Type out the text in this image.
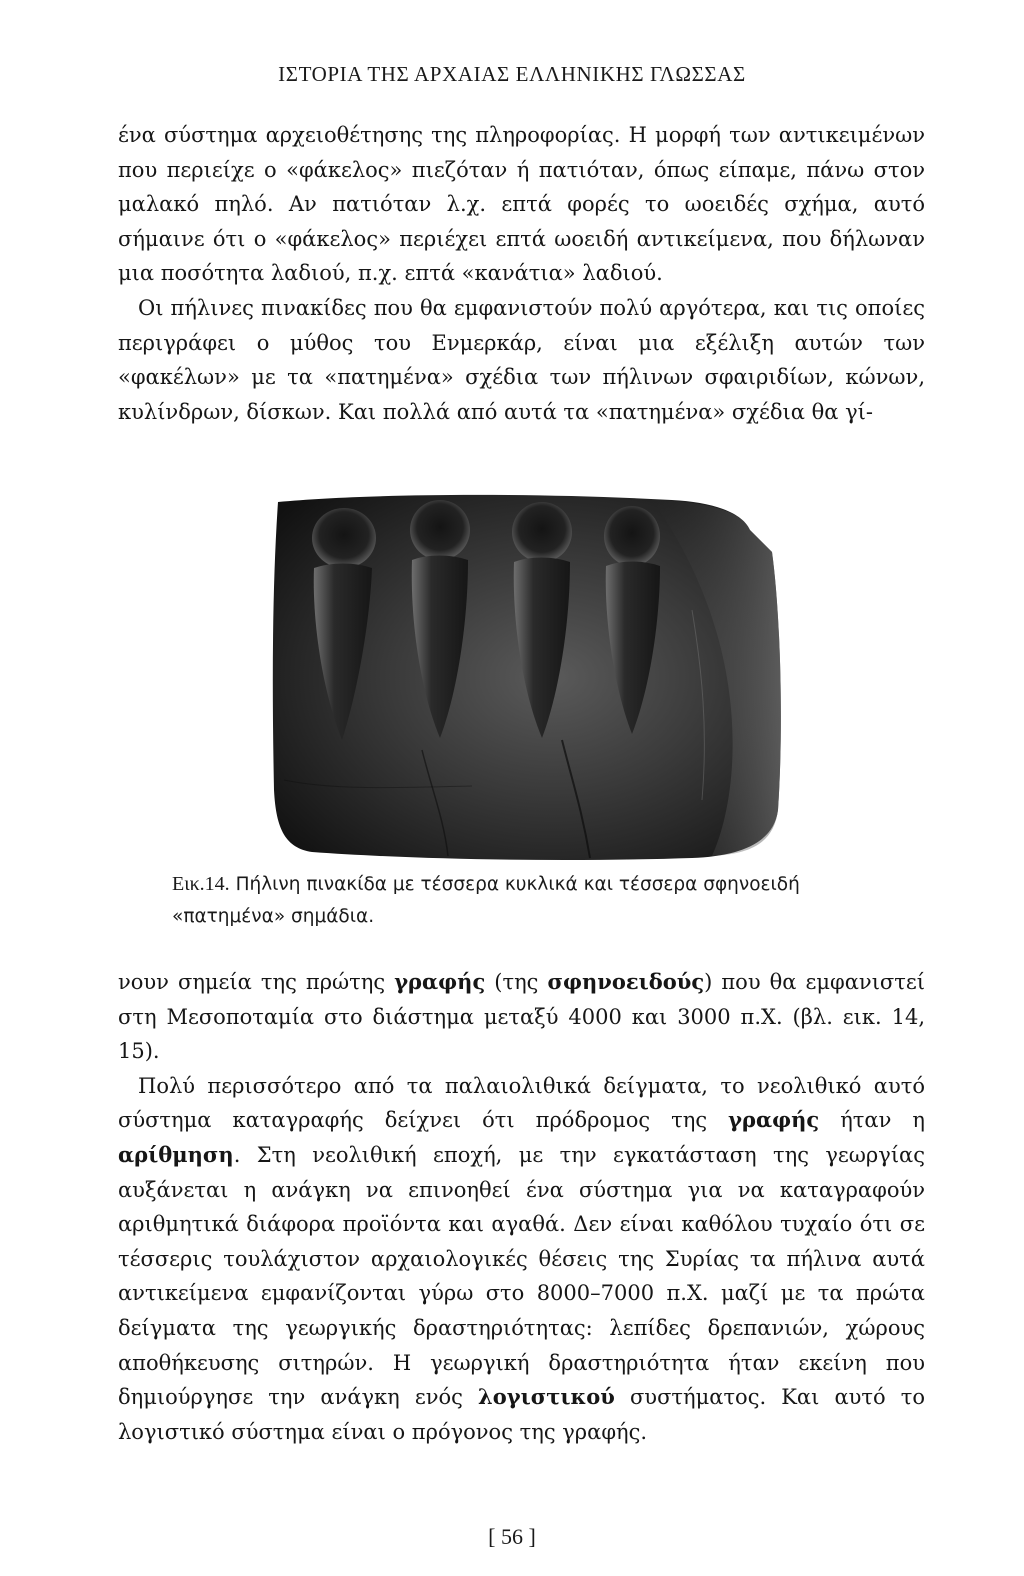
ΙΣΤΟΡΙΑ ΤΗΣ ΑΡΧΑΙΑΣ ΕΛΛΗΝΙΚΗΣ ΓΛΩΣΣΑΣ

ένα σύστημα αρχειοθέτησης της πληροφορίας. Η μορφή των αντικειμένων που περιείχε ο «φάκελος» πιεζόταν ή πατιόταν, όπως είπαμε, πάνω στον μαλακό πηλό. Αν πατιόταν λ.χ. επτά φορές το ωοειδές σχήμα, αυτό σήμαινε ότι ο «φάκελος» περιέχει επτά ωοειδή αντικείμενα, που δήλωναν μια ποσότητα λαδιού, π.χ. επτά «κανάτια» λαδιού.

Οι πήλινες πινακίδες που θα εμφανιστούν πολύ αργότερα, και τις οποίες περιγράφει ο μύθος του Ενμερκάρ, είναι μια εξέλιξη αυτών των «φακέλων» με τα «πατημένα» σχέδια των πήλινων σφαιριδίων, κώνων, κυλίνδρων, δίσκων. Και πολλά από αυτά τα «πατημένα» σχέδια θα γί-

Εικ.14. Πήλινη πινακίδα με τέσσερα κυκλικά και τέσσερα σφηνοειδή «πατημένα» σημάδια.

νουν σημεία της πρώτης γραφής (της σφηνοειδούς) που θα εμφανιστεί στη Μεσοποταμία στο διάστημα μεταξύ 4000 και 3000 π.Χ. (βλ. εικ. 14, 15).

Πολύ περισσότερο από τα παλαιολιθικά δείγματα, το νεολιθικό αυτό σύστημα καταγραφής δείχνει ότι πρόδρομος της γραφής ήταν η αρίθμηση. Στη νεολιθική εποχή, με την εγκατάσταση της γεωργίας αυξάνεται η ανάγκη να επινοηθεί ένα σύστημα για να καταγραφούν αριθμητικά διάφορα προϊόντα και αγαθά. Δεν είναι καθόλου τυχαίο ότι σε τέσσερις τουλάχιστον αρχαιολογικές θέσεις της Συρίας τα πήλινα αυτά αντικείμενα εμφανίζονται γύρω στο 8000–7000 π.Χ. μαζί με τα πρώτα δείγματα της γεωργικής δραστηριότητας: λεπίδες δρεπανιών, χώρους αποθήκευσης σιτηρών. Η γεωργική δραστηριότητα ήταν εκείνη που δημιούργησε την ανάγκη ενός λογιστικού συστήματος. Και αυτό το λογιστικό σύστημα είναι ο πρόγονος της γραφής.

[ 56 ]
